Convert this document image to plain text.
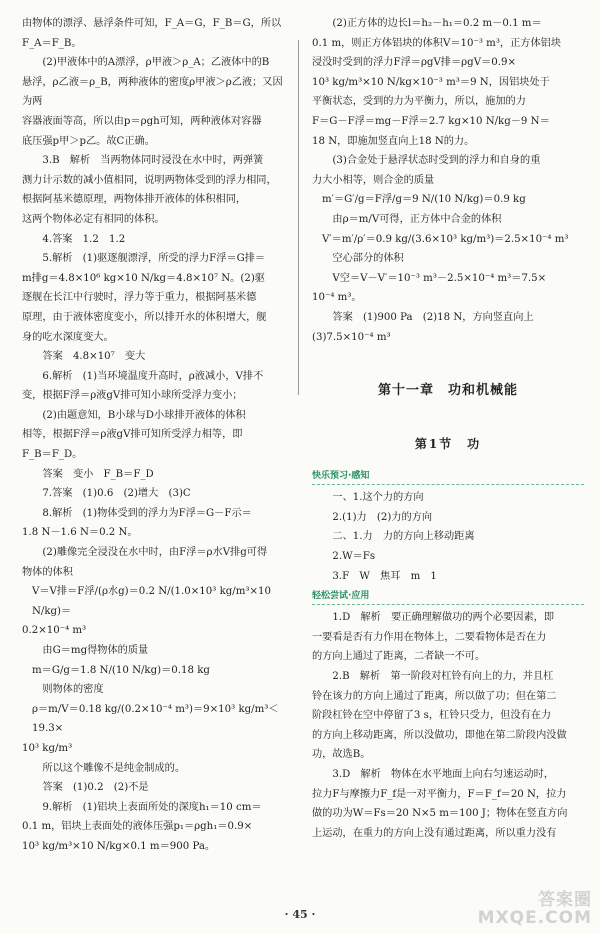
由物体的漂浮、悬浮条件可知，F_A＝G，F_B＝G，所以

F_A＝F_B。

(2)甲液体中的A漂浮，ρ甲液＞ρ_A；乙液体中的B

悬浮，ρ乙液＝ρ_B，两种液体的密度ρ甲液＞ρ乙液；又因为两

容器液面等高，所以由p＝ρgh可知，两种液体对容器

底压强p甲＞p乙。故C正确。

3.B　解析　当两物体同时浸没在水中时，两弹簧

测力计示数的减小值相同，说明两物体受到的浮力相同，

根据阿基米德原理，两物体排开液体的体积相同，

这两个物体必定有相同的体积。

4.答案　1.2　1.2

5.解析　(1)驱逐舰漂浮，所受的浮力F浮＝G排＝

m排g＝4.8×10⁶ kg×10 N/kg＝4.8×10⁷ N。(2)驱

逐舰在长江中行驶时，浮力等于重力，根据阿基米德

原理，由于液体密度变小，所以排开水的体积增大，舰

身的吃水深度变大。

答案　4.8×10⁷　变大

6.解析　(1)当环境温度升高时，ρ液减小，V排不

变，根据F浮＝ρ液gV排可知小球所受浮力变小；

(2)由题意知，B小球与D小球排开液体的体积

相等，根据F浮＝ρ液gV排可知所受浮力相等，即

F_B＝F_D。

答案　变小　F_B＝F_D

7.答案　(1)0.6　(2)增大　(3)C

8.解析　(1)物体受到的浮力为F浮＝G－F示＝

1.8 N－1.6 N＝0.2 N。

(2)雕像完全浸没在水中时，由F浮＝ρ水V排g可得

物体的体积

V＝V排＝F浮/(ρ水g)＝0.2 N/(1.0×10³ kg/m³×10 N/kg)＝

0.2×10⁻⁴ m³

由G＝mg得物体的质量

m＝G/g＝1.8 N/(10 N/kg)＝0.18 kg

则物体的密度

ρ＝m/V＝0.18 kg/(0.2×10⁻⁴ m³)＝9×10³ kg/m³＜19.3×

10³ kg/m³

所以这个雕像不是纯金制成的。

答案　(1)0.2　(2)不是

9.解析　(1)铝块上表面所处的深度h₁＝10 cm＝

0.1 m，铝块上表面处的液体压强p₁＝ρgh₁＝0.9×

10³ kg/m³×10 N/kg×0.1 m＝900 Pa。

(2)正方体的边长l＝h₂－h₁＝0.2 m－0.1 m＝

0.1 m，则正方体铝块的体积V＝10⁻³ m³，正方体铝块

浸没时受到的浮力F浮＝ρgV排＝ρgV＝0.9×

10³ kg/m³×10 N/kg×10⁻³ m³＝9 N，因铝块处于

平衡状态，受到的力为平衡力，所以，施加的力

F＝G－F浮＝mg－F浮＝2.7 kg×10 N/kg－9 N＝

18 N，即施加竖直向上18 N的力。

(3)合金处于悬浮状态时受到的浮力和自身的重

力大小相等，则合金的质量

m′＝G′/g＝F浮/g＝9 N/(10 N/kg)＝0.9 kg

由ρ＝m/V可得，正方体中合金的体积

V′＝m′/ρ′＝0.9 kg/(3.6×10³ kg/m³)＝2.5×10⁻⁴ m³

空心部分的体积

V空＝V－V′＝10⁻³ m³－2.5×10⁻⁴ m³＝7.5×

10⁻⁴ m³。

答案　(1)900 Pa　(2)18 N，方向竖直向上

(3)7.5×10⁻⁴ m³

第十一章　功和机械能
第1节　功
快乐预习·感知

一、1.这个力的方向

2.(1)力　(2)力的方向

二、1.力　力的方向上移动距离

2.W＝Fs

3.F　W　焦耳　m　1

轻松尝试·应用

1.D　解析　要正确理解做功的两个必要因素，即

一要看是否有力作用在物体上，二要看物体是否在力

的方向上通过了距离，二者缺一不可。

2.B　解析　第一阶段对杠铃有向上的力，并且杠

铃在该力的方向上通过了距离，所以做了功；但在第二

阶段杠铃在空中停留了3 s，杠铃只受力，但没有在力

的方向上移动距离，所以没做功，即他在第二阶段内没做功，故选B。

3.D　解析　物体在水平地面上向右匀速运动时，

拉力F与摩擦力F_f是一对平衡力，F＝F_f＝20 N，拉力

做的功为W＝Fs＝20 N×5 m＝100 J；物体在竖直方向

上运动，在重力的方向上没有通过距离，所以重力没有

· 45 ·
答案圈
MXQE.COM
